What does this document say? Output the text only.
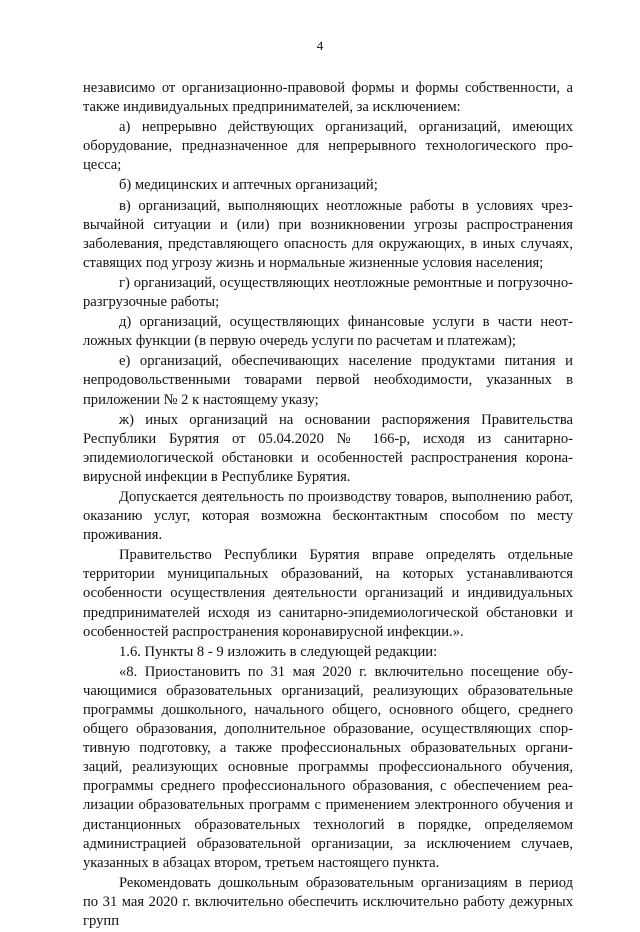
4

независимо от организационно-правовой формы и формы собственности, а также индивидуальных предпринимателей, за исключением:

а) непрерывно действующих организаций, организаций, имеющих оборудование, предназначенное для непрерывного технологического процесса;

б) медицинских и аптечных организаций;

в) организаций, выполняющих неотложные работы в условиях чрезвычайной ситуации и (или) при возникновении угрозы распространения заболевания, представляющего опасность для окружающих, в иных случаях, ставящих под угрозу жизнь и нормальные жизненные условия населения;

г) организаций, осуществляющих неотложные ремонтные и погрузочно-разгрузочные работы;

д) организаций, осуществляющих финансовые услуги в части неотложных функции (в первую очередь услуги по расчетам и платежам);

е) организаций, обеспечивающих население продуктами питания и непродовольственными товарами первой необходимости, указанных в приложении № 2 к настоящему указу;

ж) иных организаций на основании распоряжения Правительства Республики Бурятия от 05.04.2020 № 166-р, исходя из санитарно-эпидемиологической обстановки и особенностей распространения коронавирусной инфекции в Республике Бурятия.

Допускается деятельность по производству товаров, выполнению работ, оказанию услуг, которая возможна бесконтактным способом по месту проживания.

Правительство Республики Бурятия вправе определять отдельные территории муниципальных образований, на которых устанавливаются особенности осуществления деятельности организаций и индивидуальных предпринимателей исходя из санитарно-эпидемиологической обстановки и особенностей распространения коронавирусной инфекции.».

1.6. Пункты 8 - 9 изложить в следующей редакции:

«8. Приостановить по 31 мая 2020 г. включительно посещение обучающимися образовательных организаций, реализующих образовательные программы дошкольного, начального общего, основного общего, среднего общего образования, дополнительное образование, осуществляющих спортивную подготовку, а также профессиональных образовательных организаций, реализующих основные программы профессионального обучения, программы среднего профессионального образования, с обеспечением реализации образовательных программ с применением электронного обучения и дистанционных образовательных технологий в порядке, определяемом администрацией образовательной организации, за исключением случаев, указанных в абзацах втором, третьем настоящего пункта.

Рекомендовать дошкольным образовательным организациям в период по 31 мая 2020 г. включительно обеспечить исключительно работу дежурных групп
